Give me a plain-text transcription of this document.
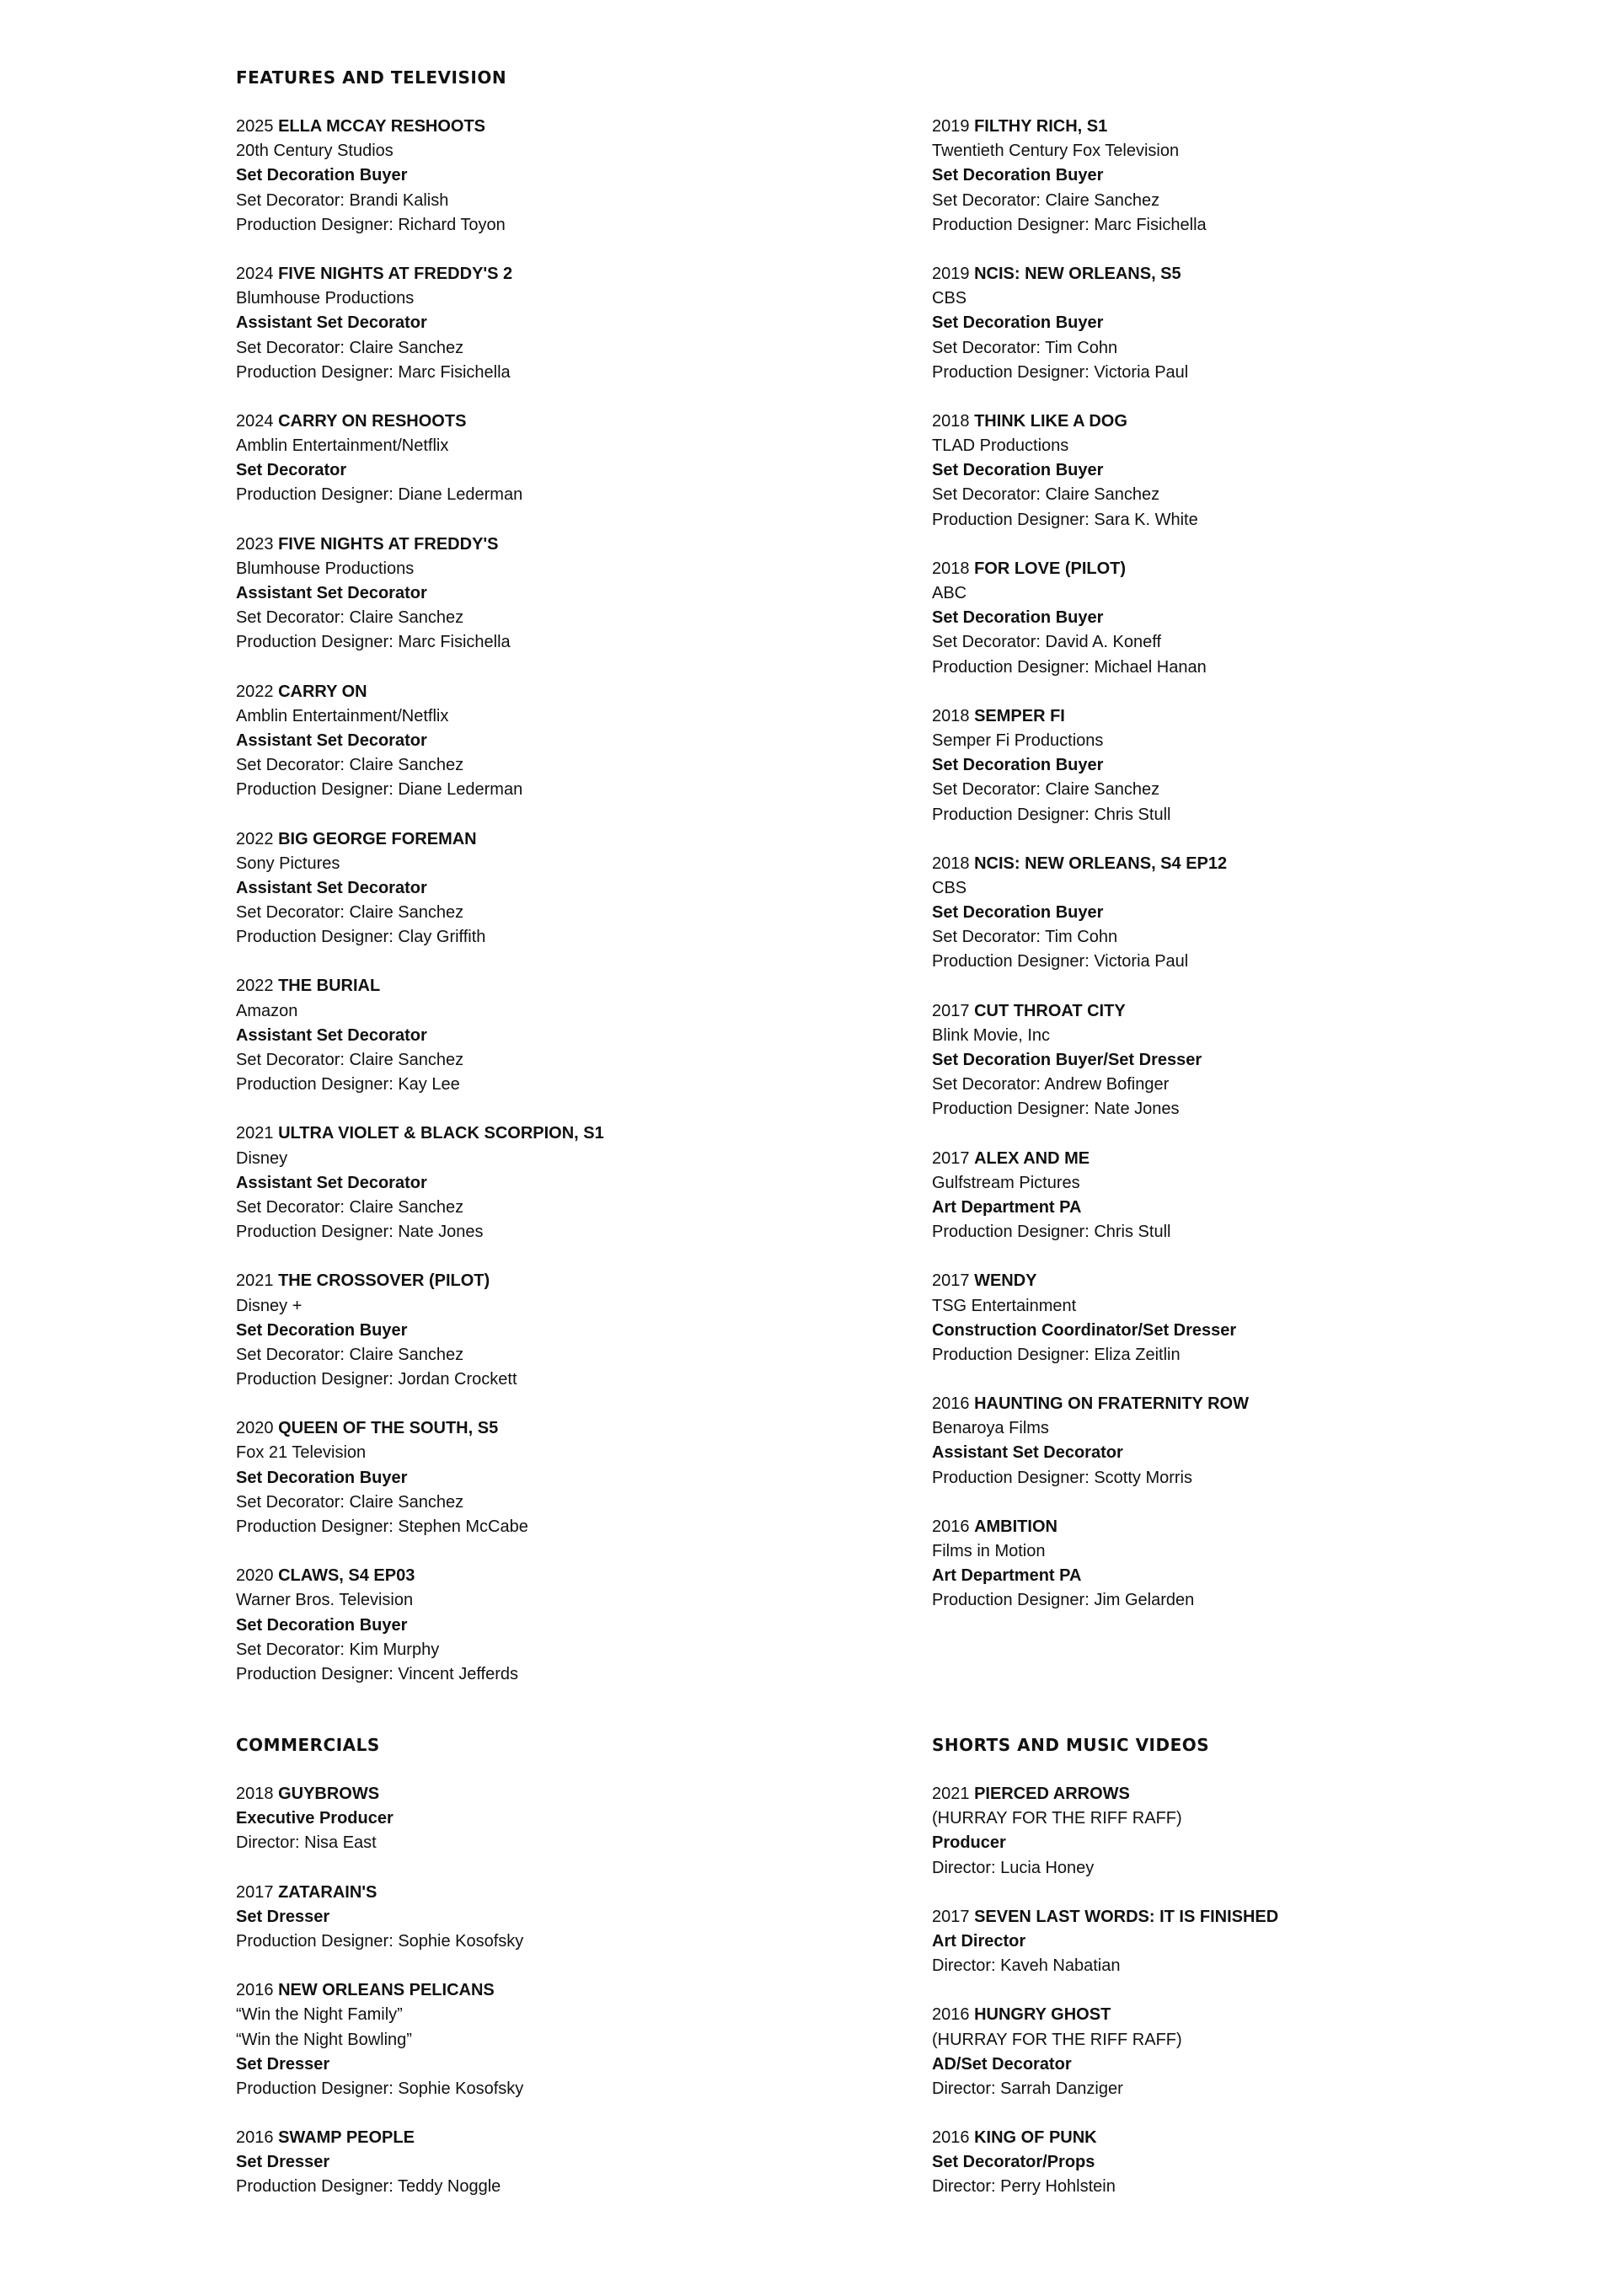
FEATURES AND TELEVISION
2025 ELLA MCCAY RESHOOTS
20th Century Studios
Set Decoration Buyer
Set Decorator: Brandi Kalish
Production Designer: Richard Toyon
2024 FIVE NIGHTS AT FREDDY'S 2
Blumhouse Productions
Assistant Set Decorator
Set Decorator: Claire Sanchez
Production Designer: Marc Fisichella
2024 CARRY ON RESHOOTS
Amblin Entertainment/Netflix
Set Decorator
Production Designer: Diane Lederman
2023 FIVE NIGHTS AT FREDDY'S
Blumhouse Productions
Assistant Set Decorator
Set Decorator: Claire Sanchez
Production Designer: Marc Fisichella
2022 CARRY ON
Amblin Entertainment/Netflix
Assistant Set Decorator
Set Decorator: Claire Sanchez
Production Designer: Diane Lederman
2022 BIG GEORGE FOREMAN
Sony Pictures
Assistant Set Decorator
Set Decorator: Claire Sanchez
Production Designer: Clay Griffith
2022 THE BURIAL
Amazon
Assistant Set Decorator
Set Decorator: Claire Sanchez
Production Designer: Kay Lee
2021 ULTRA VIOLET & BLACK SCORPION, S1
Disney
Assistant Set Decorator
Set Decorator: Claire Sanchez
Production Designer: Nate Jones
2021 THE CROSSOVER (PILOT)
Disney +
Set Decoration Buyer
Set Decorator: Claire Sanchez
Production Designer: Jordan Crockett
2020 QUEEN OF THE SOUTH, S5
Fox 21 Television
Set Decoration Buyer
Set Decorator: Claire Sanchez
Production Designer: Stephen McCabe
2020 CLAWS, S4 EP03
Warner Bros. Television
Set Decoration Buyer
Set Decorator: Kim Murphy
Production Designer: Vincent Jefferds
2019 FILTHY RICH, S1
Twentieth Century Fox Television
Set Decoration Buyer
Set Decorator: Claire Sanchez
Production Designer: Marc Fisichella
2019 NCIS: NEW ORLEANS, S5
CBS
Set Decoration Buyer
Set Decorator: Tim Cohn
Production Designer: Victoria Paul
2018 THINK LIKE A DOG
TLAD Productions
Set Decoration Buyer
Set Decorator: Claire Sanchez
Production Designer: Sara K. White
2018 FOR LOVE (PILOT)
ABC
Set Decoration Buyer
Set Decorator: David A. Koneff
Production Designer: Michael Hanan
2018 SEMPER FI
Semper Fi Productions
Set Decoration Buyer
Set Decorator: Claire Sanchez
Production Designer: Chris Stull
2018 NCIS: NEW ORLEANS, S4 EP12
CBS
Set Decoration Buyer
Set Decorator: Tim Cohn
Production Designer: Victoria Paul
2017 CUT THROAT CITY
Blink Movie, Inc
Set Decoration Buyer/Set Dresser
Set Decorator: Andrew Bofinger
Production Designer: Nate Jones
2017 ALEX AND ME
Gulfstream Pictures
Art Department PA
Production Designer: Chris Stull
2017 WENDY
TSG Entertainment
Construction Coordinator/Set Dresser
Production Designer: Eliza Zeitlin
2016 HAUNTING ON FRATERNITY ROW
Benaroya Films
Assistant Set Decorator
Production Designer: Scotty Morris
2016 AMBITION
Films in Motion
Art Department PA
Production Designer: Jim Gelarden
COMMERCIALS
2018 GUYBROWS
Executive Producer
Director: Nisa East
2017 ZATARAIN'S
Set Dresser
Production Designer: Sophie Kosofsky
2016 NEW ORLEANS PELICANS
“Win the Night Family”
“Win the Night Bowling”
Set Dresser
Production Designer: Sophie Kosofsky
2016 SWAMP PEOPLE
Set Dresser
Production Designer: Teddy Noggle
SHORTS AND MUSIC VIDEOS
2021 PIERCED ARROWS
(HURRAY FOR THE RIFF RAFF)
Producer
Director: Lucia Honey
2017 SEVEN LAST WORDS: IT IS FINISHED
Art Director
Director: Kaveh Nabatian
2016 HUNGRY GHOST
(HURRAY FOR THE RIFF RAFF)
AD/Set Decorator
Director: Sarrah Danziger
2016 KING OF PUNK
Set Decorator/Props
Director: Perry Hohlstein
